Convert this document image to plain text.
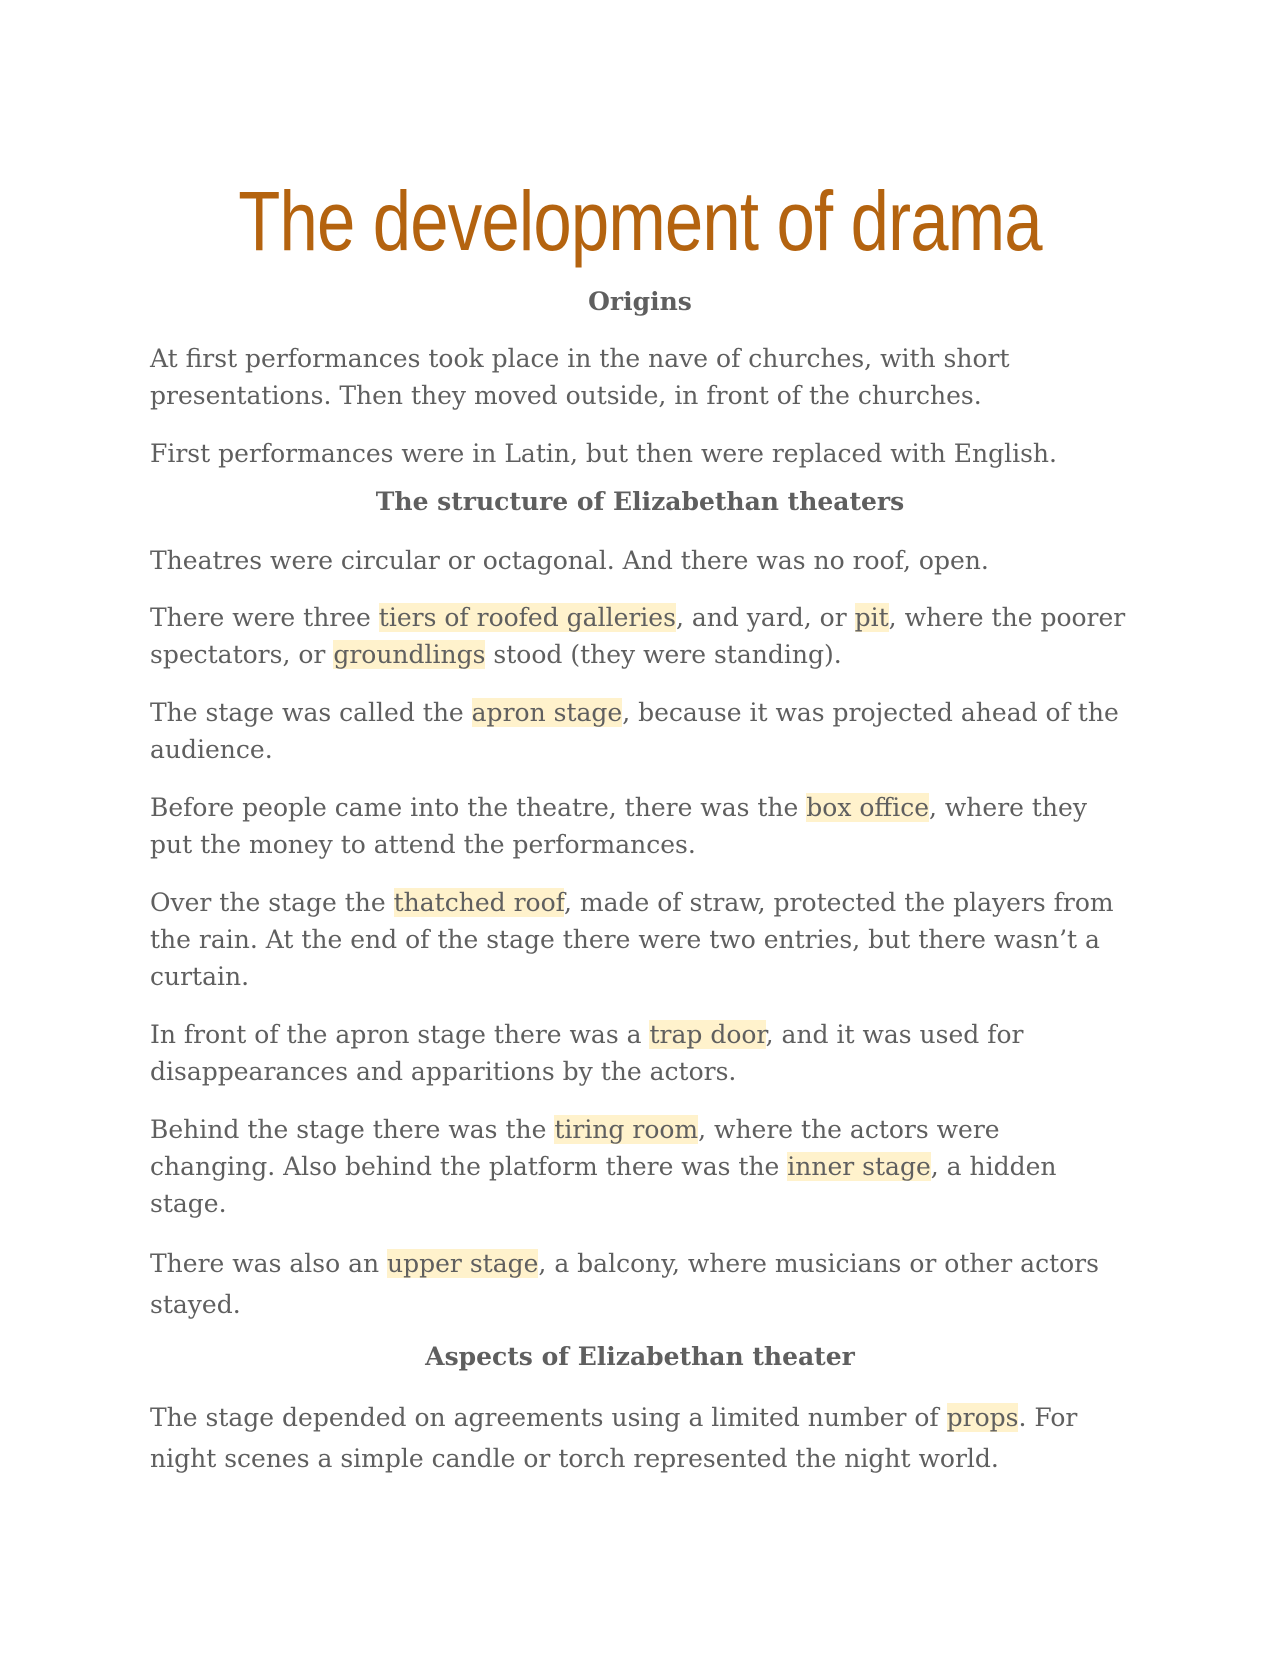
The development of drama
Origins

At first performances took place in the nave of churches, with short presentations. Then they moved outside, in front of the churches.

First performances were in Latin, but then were replaced with English.

The structure of Elizabethan theaters

Theatres were circular or octagonal. And there was no roof, open.

There were three tiers of roofed galleries, and yard, or pit, where the poorer spectators, or groundlings stood (they were standing).

The stage was called the apron stage, because it was projected ahead of the audience.

Before people came into the theatre, there was the box office, where they put the money to attend the performances.

Over the stage the thatched roof, made of straw, protected the players from the rain. At the end of the stage there were two entries, but there wasn’t a curtain.

In front of the apron stage there was a trap door, and it was used for disappearances and apparitions by the actors.

Behind the stage there was the tiring room, where the actors were changing. Also behind the platform there was the inner stage, a hidden stage.

There was also an upper stage, a balcony, where musicians or other actors stayed.

Aspects of Elizabethan theater

The stage depended on agreements using a limited number of props. For night scenes a simple candle or torch represented the night world.
